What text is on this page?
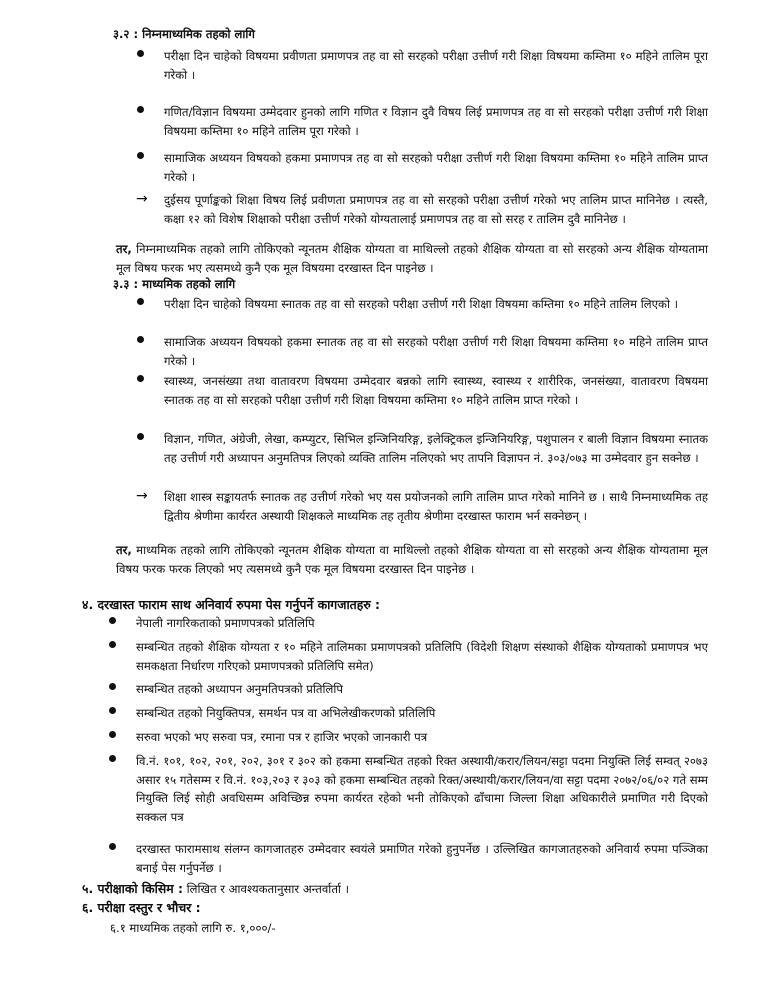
३.२ : निम्नमाध्यमिक तहको लागि
परीक्षा दिन चाहेको विषयमा प्रवीणता प्रमाणपत्र तह वा सो सरहको परीक्षा उत्तीर्ण गरी शिक्षा विषयमा कम्तिमा १० महिने तालिम पूरा गरेको ।
गणित/विज्ञान विषयमा उम्मेदवार हुनको लागि गणित र विज्ञान दुवै विषय लिई प्रमाणपत्र तह वा सो सरहको परीक्षा उत्तीर्ण गरी शिक्षा विषयमा कम्तिमा १० महिने तालिम पूरा गरेको ।
सामाजिक अध्ययन विषयको हकमा प्रमाणपत्र तह वा सो सरहको परीक्षा उत्तीर्ण गरी शिक्षा विषयमा कम्तिमा १० महिने तालिम प्राप्त गरेको ।
→ दुईसय पूर्णाङ्कको शिक्षा विषय लिई प्रवीणता प्रमाणपत्र तह वा सो सरहको परीक्षा उत्तीर्ण गरेको भए तालिम प्राप्त मानिनेछ । त्यस्तै, कक्षा १२ को विशेष शिक्षाको परीक्षा उत्तीर्ण गरेको योग्यतालाई प्रमाणपत्र तह वा सो सरह र तालिम दुवै मानिनेछ ।
तर, निम्नमाध्यमिक तहको लागि तोकिएको न्यूनतम शैक्षिक योग्यता वा माथिल्लो तहको शैक्षिक योग्यता वा सो सरहको अन्य शैक्षिक योग्यतामा मूल विषय फरक भए त्यसमध्ये कुनै एक मूल विषयमा दरखास्त दिन पाइनेछ ।
३.३ : माध्यमिक तहको लागि
परीक्षा दिन चाहेको विषयमा स्नातक तह वा सो सरहको परीक्षा उत्तीर्ण गरी शिक्षा विषयमा कम्तिमा १० महिने तालिम लिएको ।
सामाजिक अध्ययन विषयको हकमा स्नातक तह वा सो सरहको परीक्षा उत्तीर्ण गरी शिक्षा विषयमा कम्तिमा १० महिने तालिम प्राप्त गरेको ।
स्वास्थ्य, जनसंख्या तथा वातावरण विषयमा उम्मेदवार बन्नको लागि स्वास्थ्य, स्वास्थ्य र शारीरिक, जनसंख्या, वातावरण विषयमा स्नातक तह वा सो सरहको परीक्षा उत्तीर्ण गरी शिक्षा विषयमा कम्तिमा १० महिने तालिम प्राप्त गरेको ।
विज्ञान, गणित, अंग्रेजी, लेखा, कम्प्युटर, सिभिल इन्जिनियरिङ्ग, इलेक्ट्रिकल इन्जिनियरिङ्ग, पशुपालन र बाली विज्ञान विषयमा स्नातक तह उत्तीर्ण गरी अध्यापन अनुमतिपत्र लिएको व्यक्ति तालिम नलिएको भए तापनि विज्ञापन नं. ३०३/०७३ मा उम्मेदवार हुन सक्नेछ ।
→ शिक्षा शास्त्र सङ्कायतर्फ स्नातक तह उत्तीर्ण गरेको भए यस प्रयोजनको लागि तालिम प्राप्त गरेको मानिने छ । साथै निम्नमाध्यमिक तह द्वितीय श्रेणीमा कार्यरत अस्थायी शिक्षकले माध्यमिक तह तृतीय श्रेणीमा दरखास्त फाराम भर्न सक्नेछन् ।
तर, माध्यमिक तहको लागि तोकिएको न्यूनतम शैक्षिक योग्यता वा माथिल्लो तहको शैक्षिक योग्यता वा सो सरहको अन्य शैक्षिक योग्यतामा मूल विषय फरक फरक लिएको भए त्यसमध्ये कुनै एक मूल विषयमा दरखास्त दिन पाइनेछ ।
४. दरखास्त फाराम साथ अनिवार्य रुपमा पेस गर्नुपर्ने कागजातहरु :
नेपाली नागरिकताको प्रमाणपत्रको प्रतिलिपि
सम्बन्धित तहको शैक्षिक योग्यता र १० महिने तालिमका प्रमाणपत्रको प्रतिलिपि (विदेशी शिक्षण संस्थाको शैक्षिक योग्यताको प्रमाणपत्र भए समकक्षता निर्धारण गरिएको प्रमाणपत्रको प्रतिलिपि समेत)
सम्बन्धित तहको अध्यापन अनुमतिपत्रको प्रतिलिपि
सम्बन्धित तहको नियुक्तिपत्र, समर्थन पत्र वा अभिलेखीकरणको प्रतिलिपि
सरुवा भएको भए सरुवा पत्र, रमाना पत्र र हाजिर भएको जानकारी पत्र
वि.नं. १०१, १०२, २०१, २०२, ३०१ र ३०२ को हकमा सम्बन्धित तहको रिक्त अस्थायी/करार/लियन/सट्टा पदमा नियुक्ति लिई सम्वत् २०७३ असार १५ गतेसम्म र वि.नं. १०३,२०३ र ३०३ को हकमा सम्बन्धित तहको रिक्त/अस्थायी/करार/लियन/वा सट्टा पदमा २०७२/०६/०२ गते सम्म नियुक्ति लिई सोही अवधिसम्म अविच्छिन्न रुपमा कार्यरत रहेको भनी तोकिएको ढाँचामा जिल्ला शिक्षा अधिकारीले प्रमाणित गरी दिएको सक्कल पत्र
दरखास्त फारामसाथ संलग्न कागजातहरु उम्मेदवार स्वयंले प्रमाणित गरेको हुनुपर्नेछ । उल्लिखित कागजातहरुको अनिवार्य रुपमा पञ्जिका बनाई पेस गर्नुपर्नेछ ।
५. परीक्षाको किसिम : लिखित र आवश्यकतानुसार अन्तर्वार्ता ।
६. परीक्षा दस्तुर र भौचर :
६.१ माध्यमिक तहको लागि रु. १,०००/-
